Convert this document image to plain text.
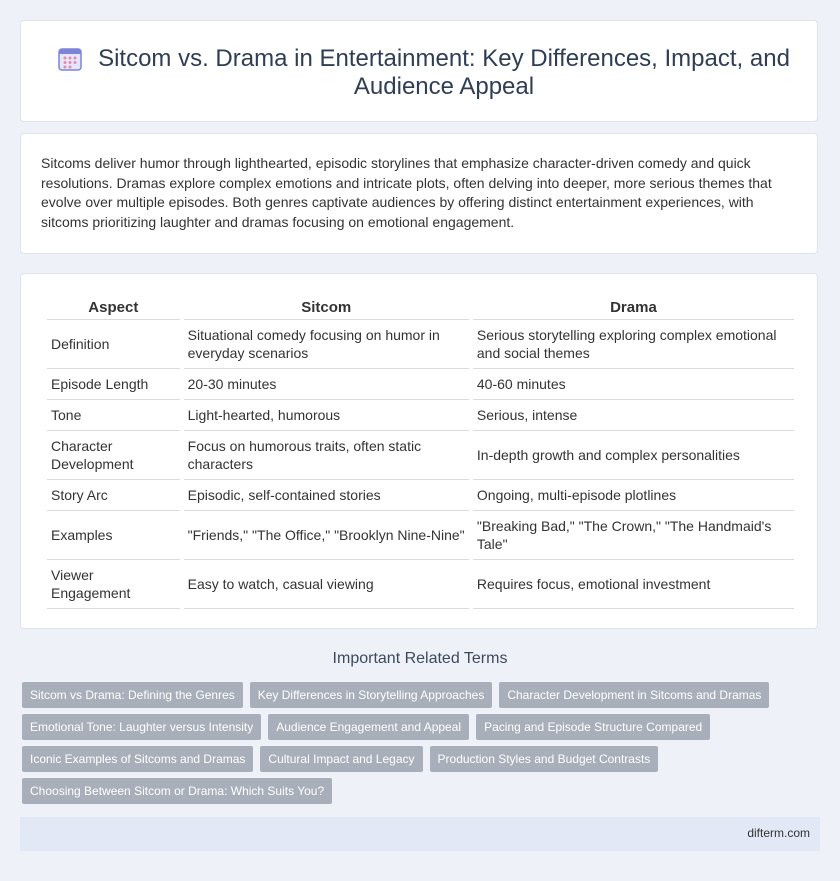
Sitcom vs. Drama in Entertainment: Key Differences, Impact, and Audience Appeal
Sitcoms deliver humor through lighthearted, episodic storylines that emphasize character-driven comedy and quick resolutions. Dramas explore complex emotions and intricate plots, often delving into deeper, more serious themes that evolve over multiple episodes. Both genres captivate audiences by offering distinct entertainment experiences, with sitcoms prioritizing laughter and dramas focusing on emotional engagement.
Aspect	Sitcom	Drama
Definition	Situational comedy focusing on humor in everyday scenarios	Serious storytelling exploring complex emotional and social themes
Episode Length	20-30 minutes	40-60 minutes
Tone	Light-hearted, humorous	Serious, intense
Character Development	Focus on humorous traits, often static characters	In-depth growth and complex personalities
Story Arc	Episodic, self-contained stories	Ongoing, multi-episode plotlines
Examples	"Friends," "The Office," "Brooklyn Nine-Nine"	"Breaking Bad," "The Crown," "The Handmaid's Tale"
Viewer Engagement	Easy to watch, casual viewing	Requires focus, emotional investment
Important Related Terms
Sitcom vs Drama: Defining the Genres	Key Differences in Storytelling Approaches	Character Development in Sitcoms and Dramas
Emotional Tone: Laughter versus Intensity	Audience Engagement and Appeal	Pacing and Episode Structure Compared
Iconic Examples of Sitcoms and Dramas	Cultural Impact and Legacy	Production Styles and Budget Contrasts
Choosing Between Sitcom or Drama: Which Suits You?
difterm.com
